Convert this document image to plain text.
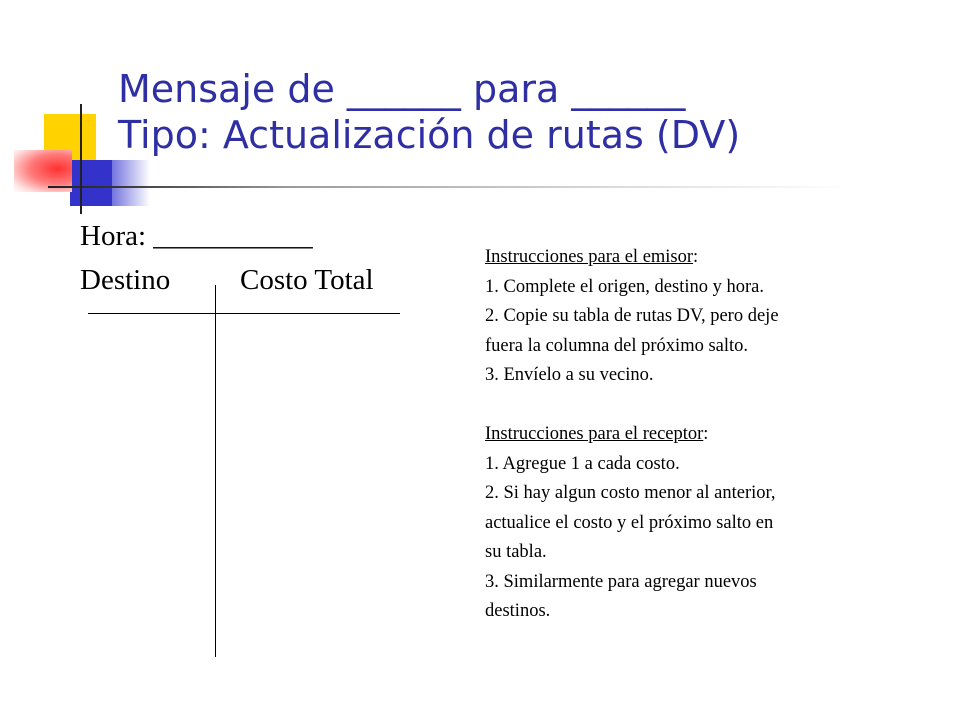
Mensaje de ______ para ______
Tipo: Actualización de rutas (DV)
Hora: ___________
Destino Costo Total
Instrucciones para el emisor:
1. Complete el origen, destino y hora.
2. Copie su tabla de rutas DV, pero deje
fuera la columna del próximo salto.
3. Envíelo a su vecino.
Instrucciones para el receptor:
1. Agregue 1 a cada costo.
2. Si hay algun costo menor al anterior,
actualice el costo y el próximo salto en
su tabla.
3. Similarmente para agregar nuevos
destinos.
